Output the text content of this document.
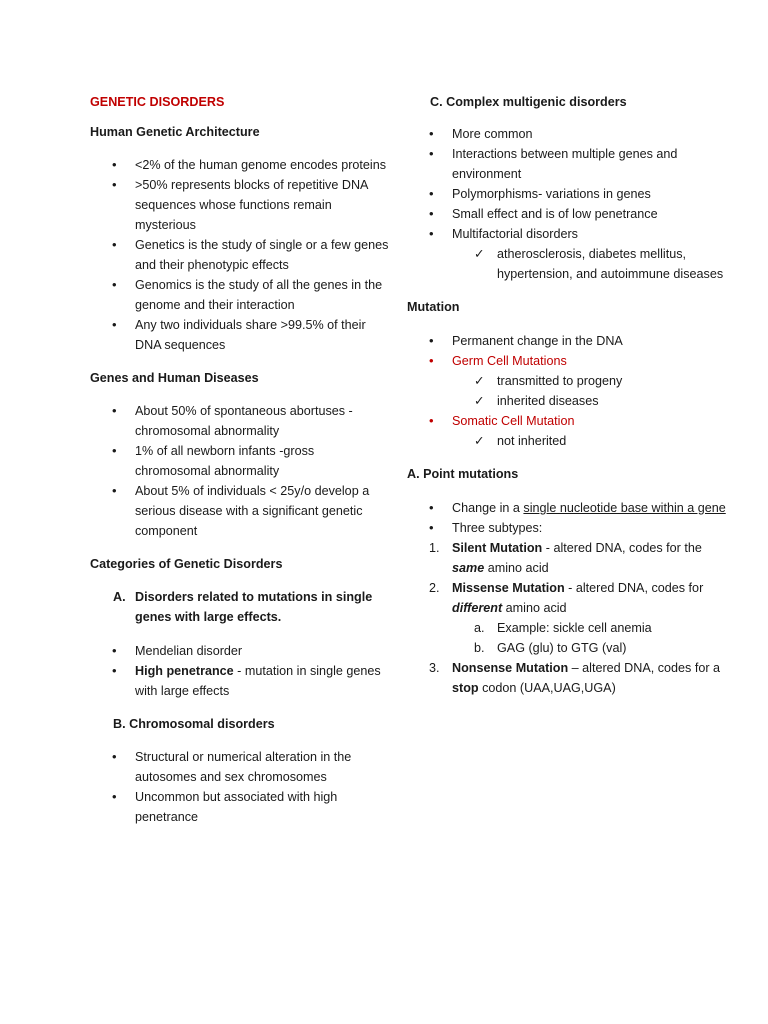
GENETIC DISORDERS
Human Genetic Architecture
• <2% of the human genome encodes proteins
• >50% represents blocks of repetitive DNA sequences whose functions remain mysterious
• Genetics is the study of single or a few genes and their phenotypic effects
• Genomics is the study of all the genes in the genome and their interaction
• Any two individuals share >99.5% of their DNA sequences
Genes and Human Diseases
• About 50% of spontaneous abortuses - chromosomal abnormality
• 1% of all newborn infants -gross chromosomal abnormality
• About 5% of individuals < 25y/o develop a serious disease with a significant genetic component
Categories of Genetic Disorders
A. Disorders related to mutations in single genes with large effects.
• Mendelian disorder
• High penetrance - mutation in single genes with large effects
B. Chromosomal disorders
• Structural or numerical alteration in the autosomes and sex chromosomes
• Uncommon but associated with high penetrance
C. Complex multigenic disorders
• More common
• Interactions between multiple genes and environment
• Polymorphisms- variations in genes
• Small effect and is of low penetrance
• Multifactorial disorders
✓ atherosclerosis, diabetes mellitus, hypertension, and autoimmune diseases
Mutation
• Permanent change in the DNA
• Germ Cell Mutations
✓ transmitted to progeny
✓ inherited diseases
• Somatic Cell Mutation
✓ not inherited
A. Point mutations
• Change in a single nucleotide base within a gene
• Three subtypes:
1. Silent Mutation - altered DNA, codes for the same amino acid
2. Missense Mutation - altered DNA, codes for  different amino acid
a. Example: sickle cell anemia
b. GAG (glu) to GTG (val)
3. Nonsense Mutation – altered DNA, codes for a stop codon (UAA,UAG,UGA)
